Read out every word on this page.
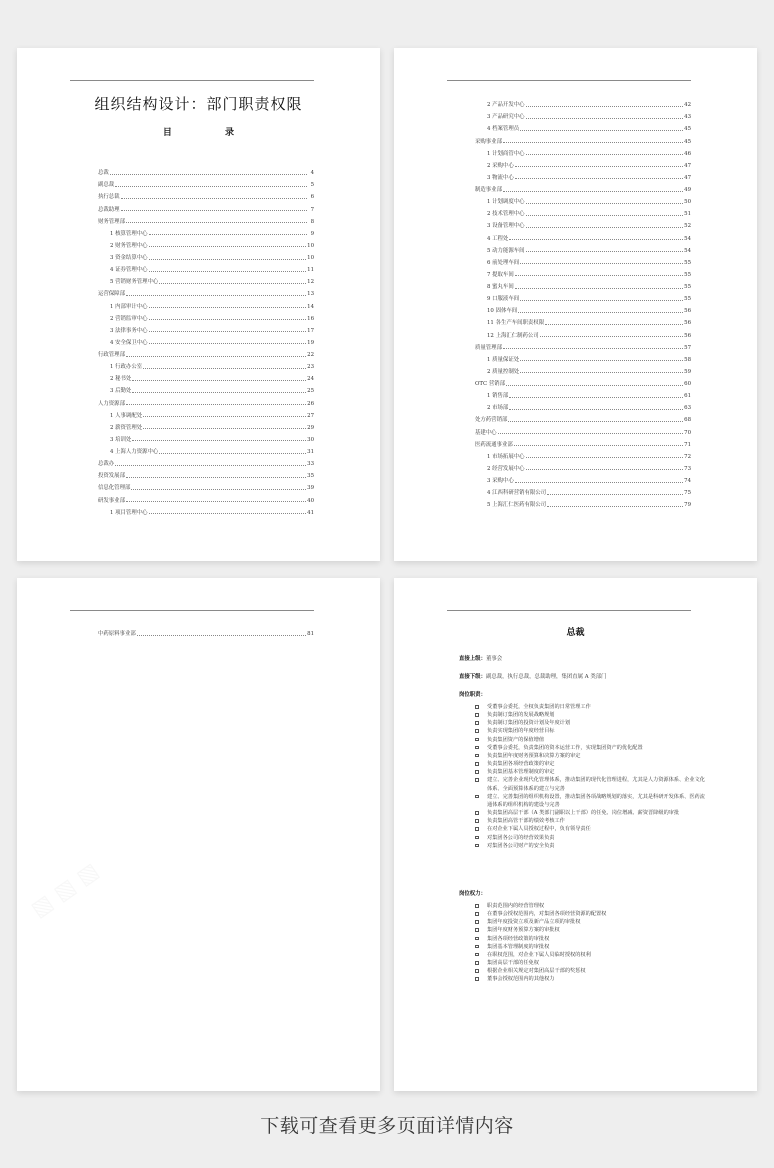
组织结构设计：部门职责权限
目 录
总裁	4
副总裁	5
执行总裁	6
总裁助理	7
财务管理部	8
1 核算管理中心	9
2 财务管理中心	10
3 资金结算中心	10
4 证券管理中心	11
5 营销财务管理中心	12
运营保障部	13
1 内部审计中心	14
2 营销监审中心	16
3 法律事务中心	17
4 安全保卫中心	19
行政管理部	22
1 行政办公室	23
2 秘书处	24
3 后勤处	25
人力资源部	26
1 人事调配处	27
2 薪资管理处	29
3 培训处	30
4 上海人力资源中心	31
总裁办	33
投资发展部	35
信息化管理部	39
研发事业部	40
1 项目管理中心	41
2 产品开发中心	42
3 产品研究中心	43
4 档案管理员	45
采购事业部	45
1 计划商管中心	46
2 采购中心	47
3 物流中心	47
制造事业部	49
1 计划调度中心	50
2 技术管理中心	51
3 设备管理中心	52
4 工程处	54
5 动力能源车间	54
6 前处理车间	55
7 提取车间	55
8 蜜丸车间	55
9 口服液车间	55
10 固体车间	56
11 各生产车间职责权限	56
12 上海汇仁制药公司	56
质量管理部	57
1 质量保证处	58
2 质量控制处	59
OTC 营销部	60
1 销售部	61
2 市场部	63
处方药营销部	68
基建中心	70
医药流通事业部	71
1 市场拓展中心	72
2 经营发展中心	73
3 采购中心	74
4 江西科研营销有限公司	75
5 上海汇仁医药有限公司	79
中药原料事业部	81	总裁
直接上级：董事会
直接下级：副总裁，执行总裁，总裁助理，集团直属 A 类部门
岗位职责：
受董事会委托，全权负责集团的日常管理工作
负责制订集团的发展战略规划
负责制订集团的投资计划及年度计划
负责实现集团的年度经营目标
负责集团资产的保值增值
受董事会委托，负责集团的资本运营工作，实现集团资产的优化配置
负责集团年度财务预算和决算方案的审定
负责集团各项经营政策的审定
负责集团基本管理制度的审定
建立、完善企业现代化管理体系，推动集团的现代化管理进程，尤其是人力资源体系、企业文化体系、全面预算体系的建立与完善
建立、完善集团的组织机构设置，推动集团各项战略规划的落实，尤其是科研开发体系、医药流通体系的组织机构的建设与完善
负责集团高层干部（A 类部门副职以上干部）的任免、岗位增减、薪资晋降级的审批
负责集团高管干部的绩效考核工作
在对企业下属人员授权过程中，负有领导责任
对集团各公司的经营效果负责
对集团各公司财产的安全负责
岗位权力：
职责范围内的经营管理权
在董事会授权范围内，对集团各项经营资源的配置权
集团年度投资立项及新产品立项的审批权
集团年度财务预算方案的审批权
集团各项经营政策的审批权
集团基本管理制度的审批权
在职权范围，对企业下属人员临时授权的权利
集团高层干部的任免权
根据企业相关规定对集团高层干部的奖惩权
董事会授权范围内的其他权力
下载可查看更多页面详情内容
